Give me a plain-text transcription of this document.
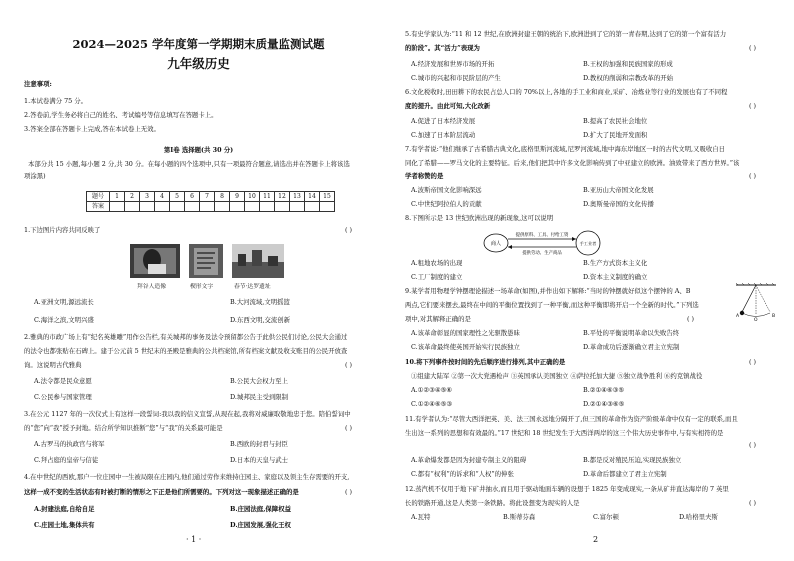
2024—2025 学年度第一学期期末质量监测试题
九年级历史
注意事项:
1.本试卷满分 75 分。
2.答卷前,学生务必将自己的姓名、考试编号等信息填写在答题卡上。
3.答案全部在答题卡上完成,答在本试卷上无效。
第Ⅰ卷 选择题(共 30 分)
本部分共 15 小题,每小题 2 分,共 30 分。在每小题的四个选项中,只有一项最符合题意,请选出并在答题卡上将该选
项涂黑)
题号	1	2	3	4	5	6	7	8	9	10	11	12	13	14	15
答案															
1.下边图片内容共同反映了	( )
拜谷人造像	楔形文字	春节·达罗遗址
A.亚洲文明,源远流长	B.大河流域,文明摇篮
C.海洋之滨,文明兴盛	D.东西文明,交流创新
2.雅典的市政广场上有“纪名英雄雕”用作公告栏,有关城邦的事务及法令预留都公告于此供公民们讨论,公民大会通过
的法令也都张贴在石碑上。建于公元前 5 世纪末的圣殿是雅典的公共档案馆,所有档案文献及收支账目的公民开放查
询。这说明古代雅典	( )
A.法令都是民众意愿	B.公民大会权力至上
C.公民参与国家管理	D.城邦民主受到限制
3.在公元 1127 年的一次仪式上有这样一段誓词:我以我的信义宣誓,从现在起,我将对威廉取敬地忠于您。陪伯誓词中
的“您”向“我”授予封地。结合所学知识推断“您”与“我”的关系最可能是	( )
A.古罗马的执政官与将军	B.西欧的封君与封臣
C.拜占庭的皇帝与信徒	D.日本的天皇与武士
4.在中世纪的西欧,那户一位庄园中一生被局限在庄园内,他们通过劳作来维持庄园主、家庭以及领主生存需要的开支,
这样一成不变的生活状态有时被打断的情形之下正是他们所需要的。下列对这一现象描述正确的是	( )
A.封建法庭,自给自足	B.庄园法庭,保障权益
C.庄园土地,集体共有	D.庄园发展,强化王权
· 1 ·
5.有史学家认为:“11 和 12 世纪,在欧洲封建王朝的统治下,欧洲进到了它的第一青春期,达到了它的第一个富有活力
的阶段”。其“活力”表现为	( )
A.经济发展和世界市场的开拓	B.王权的加强和民族国家的形成
C.城市的兴起和市民阶层的产生	D.教权的削弱和宗教改革的开始
6.文化税收时,田田耕下的农民占总人口的 70%以上,各地的手工业和商业,采矿、冶炼业等行业的发展也有了不同程
度的提升。由此可知,大化改新	( )
A.促进了日本经济发展	B.提高了农民社会地位
C.加速了日本阶层流动	D.扩大了民地开发面积
7.有学者说:“他们继承了古希腊古典文化,底格里斯河流域,尼罗河流域,地中海东岸地区一时的古代文明,又吸收自日
同化了希腊——罗马文化的主要特征。后来,他们把其中许多文化影响传到了中亚建立的欧洲。油致带来了西方世界。”该
学者称赞的是	( )
A.波斯帝国文化影响深远	B.亚历山大帝国文化发展
C.中世纪阿拉伯人的贡献	D.奥斯曼帝国的文化传播
8.下图所示是 13 世纪欧洲出现的新现象,这可以说明
商人
提供原料、工具、付给工资
提供劳动、生产商品
手工业者
A.租地农场的出现	B.生产方式资本主义化
C.工厂制度的建立	D.资本主义制度的确立
9.某学者用物理学钟摆理论描述一场革命(如图),并作出如下解释:“当时的钟摆就好似这个摆钟的 A、B
两点,它们要来摆去,最终在中间的平衡位置找到了一种平衡,而这种平衡即将开启一个全新的时代。”下列选
项中,对其解释正确的是	( )	A
O
B
A.该革命彰显的国家理性之光驱散愚昧	B.平处的平衡说明革命以失败告终
C.该革命最终使英国开始实行民族独立	D.革命成功后逐渐确立君主立宪制
10.将下列事件按时间的先后顺序进行排列,其中正确的是	( )
①组建大陆军 ②第一次大党遇枪声 ③英国承认美国独立 ④萨拉托加大捷 ⑤独立战争胜利 ⑥约克镇战役
A.①②③④⑤⑥	B.②①④⑥③⑤
C.①②④⑥⑤③	D.②①④③⑥⑤
11.有学者认为:“尽管大西洋把英、美、法三国永远地分隔开了,但三国的革命作为资产阶级革命中仅有一定的联系,而且
生出这一系列的思想和有效最的。”17 世纪和 18 世纪发生于大西洋两岸的这三个伟大历史事件中,与有实相符的是
( )
A.革命爆发都是因为封建专制主义的阻碍	B.都是反对殖民压迫,实现民族独立
C.都有“权利”的诉求和“人权”的伸张	D.革命后都建立了君主立宪制
12.蒸汽机不仅用于地下矿井抽水,而且用于驱动地面车辆的设想于 1825 年变成现实,一条从矿井直达海岸的 7 英里
长的铁路开通,这是人类第一条铁路。将此设想变为现实的人是	( )
A.瓦特	B.斯蒂芬森	C.富尔顿	D.哈格里夫斯
2
